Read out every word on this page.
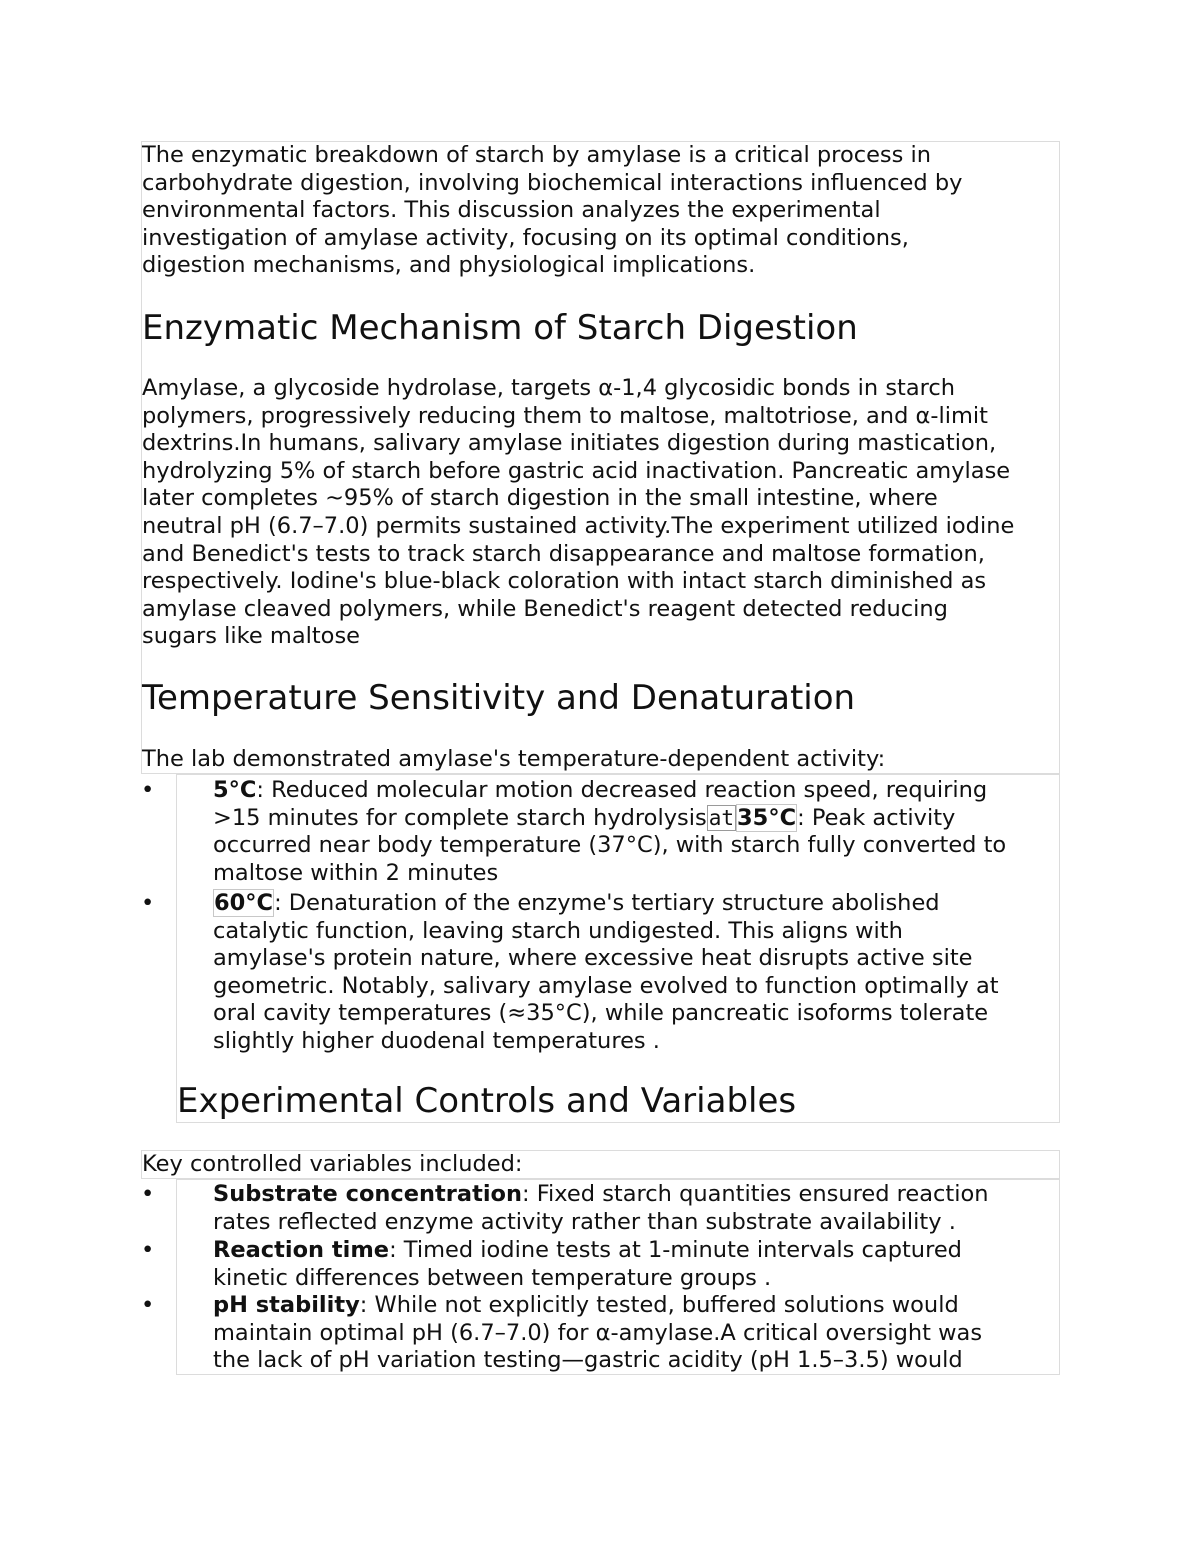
The enzymatic breakdown of starch by amylase is a critical process in

carbohydrate digestion, involving biochemical interactions influenced by

environmental factors. This discussion analyzes the experimental

investigation of amylase activity, focusing on its optimal conditions,

digestion mechanisms, and physiological implications.

Enzymatic Mechanism of Starch Digestion

Amylase, a glycoside hydrolase, targets α-1,4 glycosidic bonds in starch

polymers, progressively reducing them to maltose, maltotriose, and α-limit

dextrins.In humans, salivary amylase initiates digestion during mastication,

hydrolyzing 5% of starch before gastric acid inactivation. Pancreatic amylase

later completes ~95% of starch digestion in the small intestine, where

neutral pH (6.7–7.0) permits sustained activity.The experiment utilized iodine

and Benedict's tests to track starch disappearance and maltose formation,

respectively. Iodine's blue-black coloration with intact starch diminished as

amylase cleaved polymers, while Benedict's reagent detected reducing

sugars like maltose

Temperature Sensitivity and Denaturation

The lab demonstrated amylase's temperature-dependent activity:

•	5°C: Reduced molecular motion decreased reaction speed, requiring

>15 minutes for complete starch hydrolysisat 35°C: Peak activity

occurred near body temperature (37°C), with starch fully converted to

maltose within 2 minutes

•	60°C: Denaturation of the enzyme's tertiary structure abolished

catalytic function, leaving starch undigested. This aligns with

amylase's protein nature, where excessive heat disrupts active site

geometric. Notably, salivary amylase evolved to function optimally at

oral cavity temperatures (≈35°C), while pancreatic isoforms tolerate

slightly higher duodenal temperatures .

Experimental Controls and Variables

Key controlled variables included:

•	Substrate concentration: Fixed starch quantities ensured reaction

rates reflected enzyme activity rather than substrate availability .

•	Reaction time: Timed iodine tests at 1-minute intervals captured

kinetic differences between temperature groups .

•	pH stability: While not explicitly tested, buffered solutions would

maintain optimal pH (6.7–7.0) for α-amylase.A critical oversight was

the lack of pH variation testing—gastric acidity (pH 1.5–3.5) would
